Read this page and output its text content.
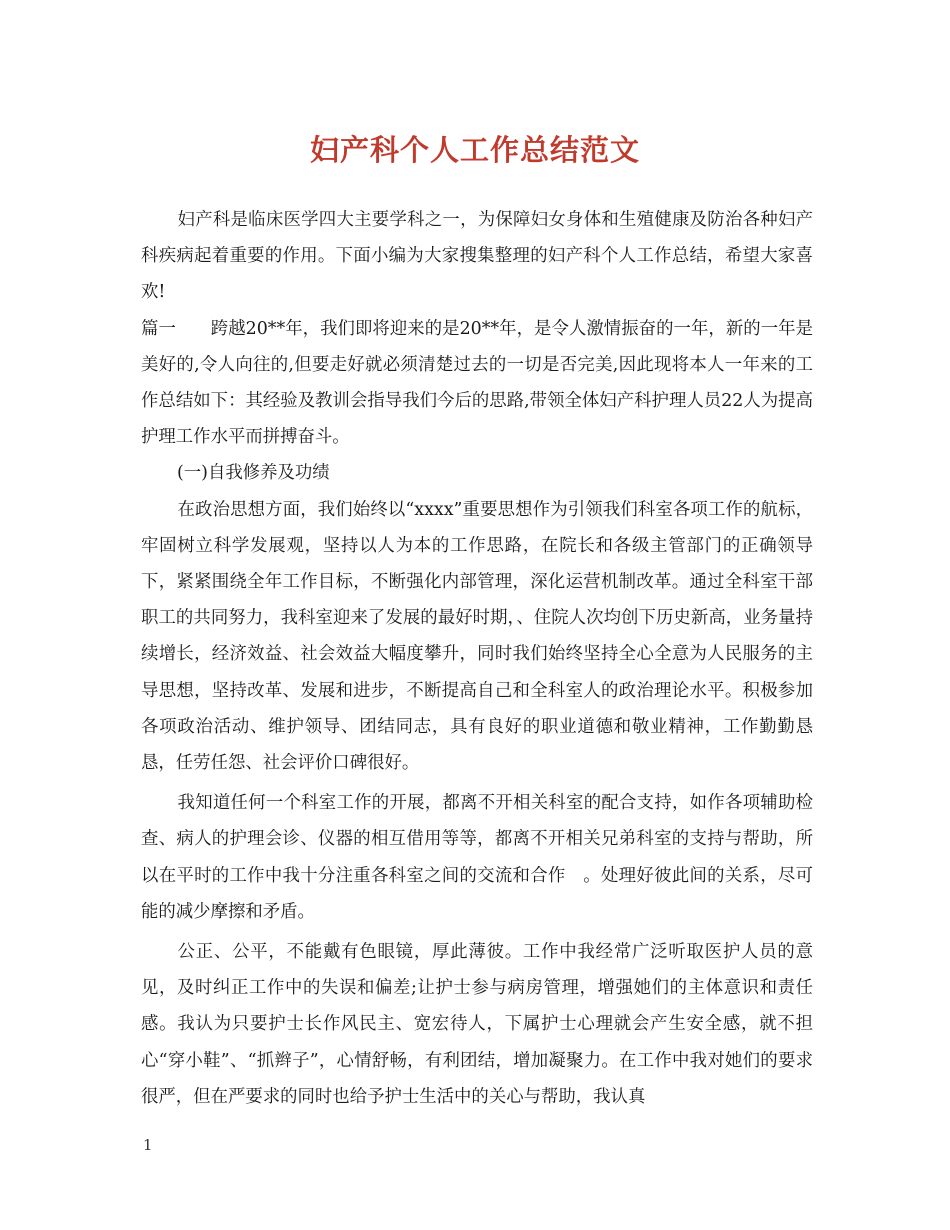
妇产科个人工作总结范文

妇产科是临床医学四大主要学科之一，为保障妇女身体和生殖健康及防治各种妇产科疾病起着重要的作用。下面小编为大家搜集整理的妇产科个人工作总结，希望大家喜欢!

篇一　　跨越20**年，我们即将迎来的是20**年，是令人激情振奋的一年，新的一年是美好的,令人向往的,但要走好就必须清楚过去的一切是否完美,因此现将本人一年来的工作总结如下：其经验及教训会指导我们今后的思路,带领全体妇产科护理人员22人为提高护理工作水平而拼搏奋斗。

(一)自我修养及功绩

在政治思想方面，我们始终以“xxxx”重要思想作为引领我们科室各项工作的航标，牢固树立科学发展观，坚持以人为本的工作思路，在院长和各级主管部门的正确领导下，紧紧围绕全年工作目标，不断强化内部管理，深化运营机制改革。通过全科室干部职工的共同努力，我科室迎来了发展的最好时期，、住院人次均创下历史新高，业务量持续增长，经济效益、社会效益大幅度攀升，同时我们始终坚持全心全意为人民服务的主导思想，坚持改革、发展和进步，不断提高自己和全科室人的政治理论水平。积极参加各项政治活动、维护领导、团结同志，具有良好的职业道德和敬业精神，工作勤勤恳恳，任劳任怨、社会评价口碑很好。

我知道任何一个科室工作的开展，都离不开相关科室的配合支持，如作各项辅助检查、病人的护理会诊、仪器的相互借用等等，都离不开相关兄弟科室的支持与帮助，所以在平时的工作中我十分注重各科室之间的交流和合作　。处理好彼此间的关系，尽可能的减少摩擦和矛盾。

公正、公平，不能戴有色眼镜，厚此薄彼。工作中我经常广泛听取医护人员的意见，及时纠正工作中的失误和偏差;让护士参与病房管理，增强她们的主体意识和责任感。我认为只要护士长作风民主、宽宏待人，下属护士心理就会产生安全感，就不担心“穿小鞋”、“抓辫子”，心情舒畅，有利团结，增加凝聚力。在工作中我对她们的要求很严，但在严要求的同时也给予护士生活中的关心与帮助，我认真

1
